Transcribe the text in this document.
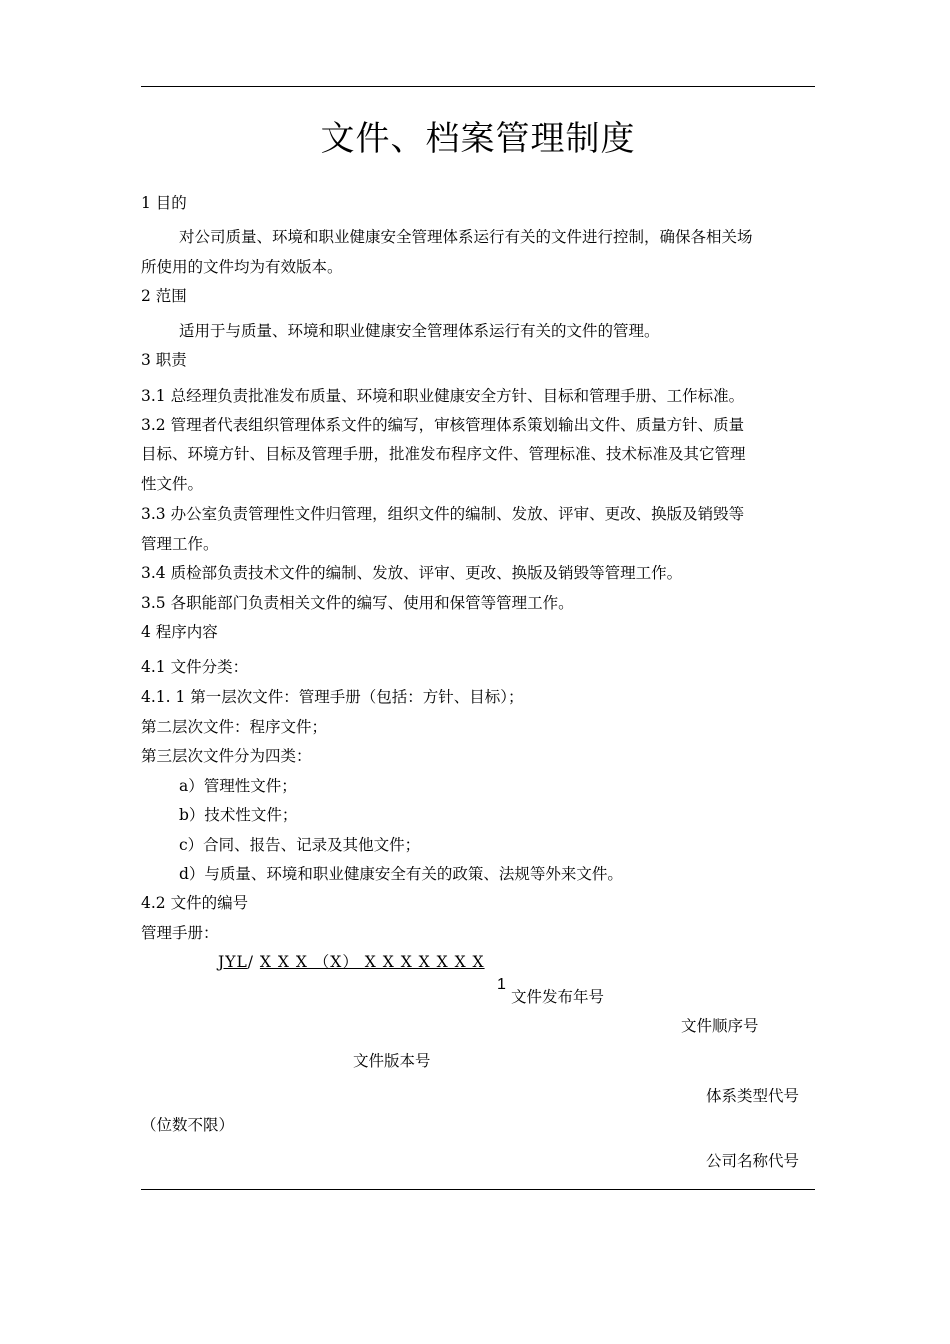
文件、档案管理制度
1 目的
对公司质量、环境和职业健康安全管理体系运行有关的文件进行控制，确保各相关场
所使用的文件均为有效版本。
2 范围
适用于与质量、环境和职业健康安全管理体系运行有关的文件的管理。
3 职责
3.1 总经理负责批准发布质量、环境和职业健康安全方针、目标和管理手册、工作标准。
3.2 管理者代表组织管理体系文件的编写，审核管理体系策划输出文件、质量方针、质量
目标、环境方针、目标及管理手册，批准发布程序文件、管理标准、技术标准及其它管理
性文件。
3.3 办公室负责管理性文件归管理，组织文件的编制、发放、评审、更改、换版及销毁等
管理工作。
3.4 质检部负责技术文件的编制、发放、评审、更改、换版及销毁等管理工作。
3.5 各职能部门负责相关文件的编写、使用和保管等管理工作。
4 程序内容
4.1 文件分类：
4.1. 1 第一层次文件：管理手册（包括：方针、目标）；
第二层次文件：程序文件；
第三层次文件分为四类：
a）管理性文件；
b）技术性文件；
c）合同、报告、记录及其他文件；
d）与质量、环境和职业健康安全有关的政策、法规等外来文件。
4.2 文件的编号
管理手册：
JYL/ X X X （X） X X X X X X X
1
文件发布年号
文件顺序号
文件版本号
体系类型代号
（位数不限）
公司名称代号
